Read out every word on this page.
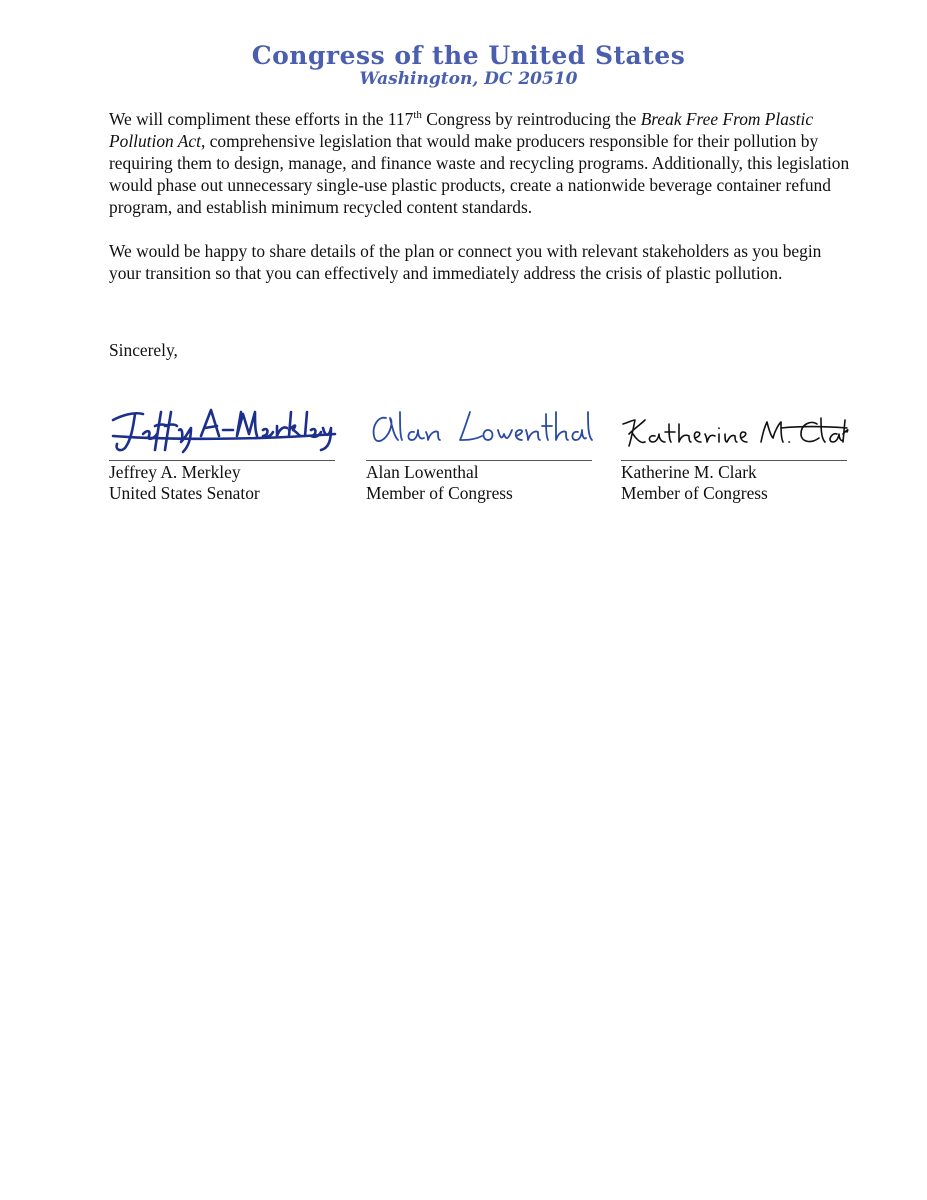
Congress of the United States
Washington, DC 20510

We will compliment these efforts in the 117th Congress by reintroducing the Break Free From Plastic Pollution Act, comprehensive legislation that would make producers responsible for their pollution by requiring them to design, manage, and finance waste and recycling programs. Additionally, this legislation would phase out unnecessary single-use plastic products, create a nationwide beverage container refund program, and establish minimum recycled content standards.

We would be happy to share details of the plan or connect you with relevant stakeholders as you begin your transition so that you can effectively and immediately address the crisis of plastic pollution.

Sincerely,
Jeffrey A. Merkley
United States Senator
Alan Lowenthal
Member of Congress
Katherine M. Clark
Member of Congress
